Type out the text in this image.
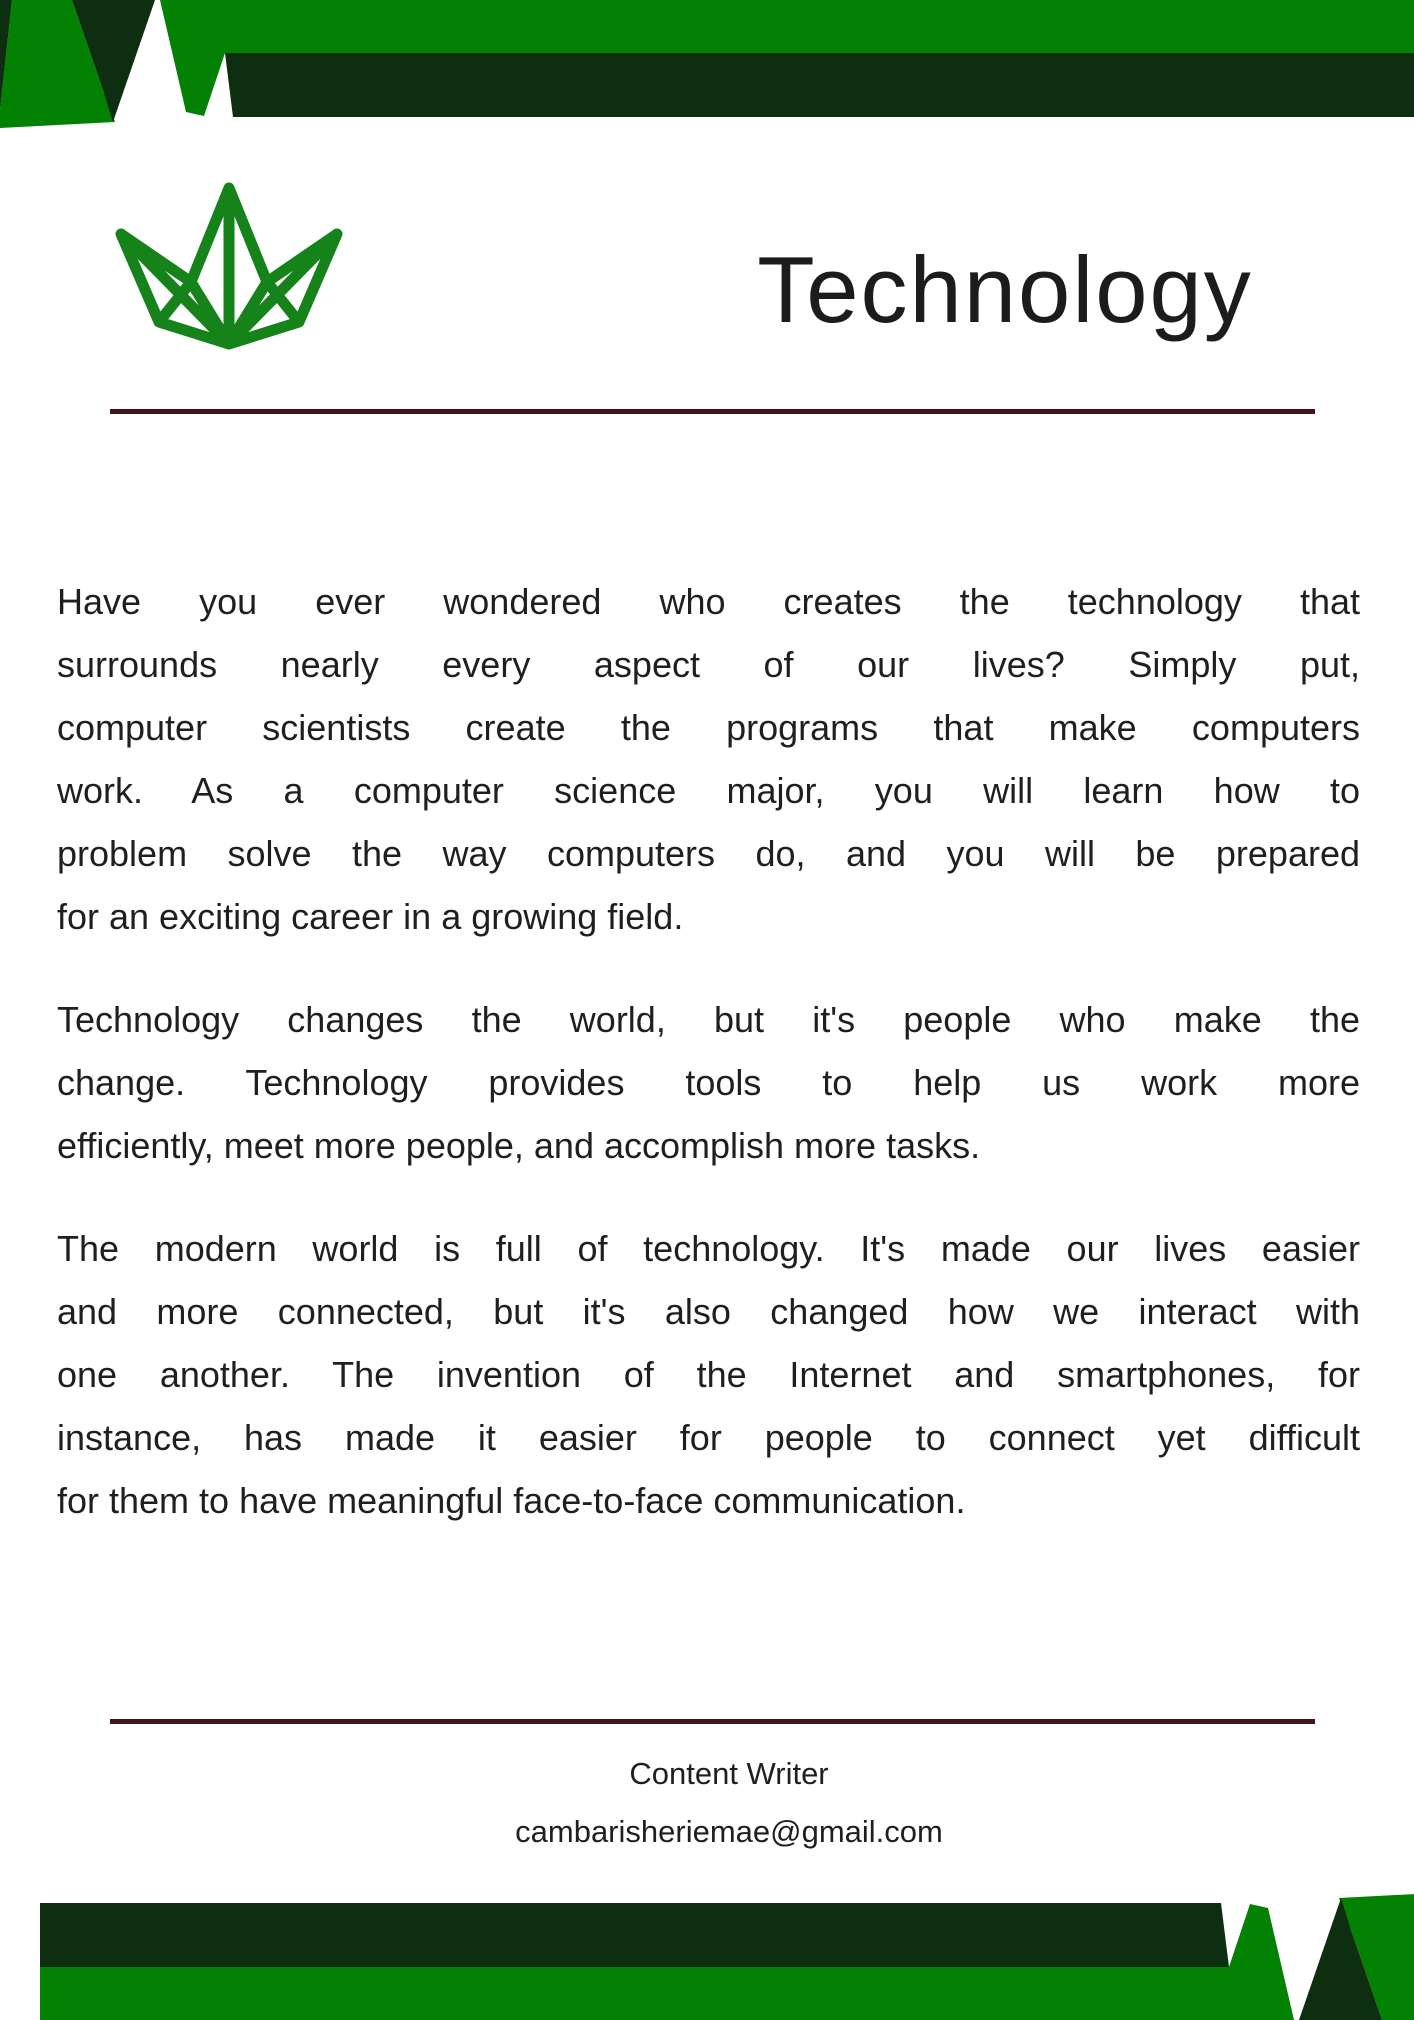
Technology

Have you ever wondered who creates the technology that
surrounds nearly every aspect of our lives? Simply put,
computer scientists create the programs that make computers
work. As a computer science major, you will learn how to
problem solve the way computers do, and you will be prepared
for an exciting career in a growing field.

Technology changes the world, but it's people who make the
change. Technology provides tools to help us work more
efficiently, meet more people, and accomplish more tasks.

The modern world is full of technology. It's made our lives easier
and more connected, but it's also changed how we interact with
one another. The invention of the Internet and smartphones, for
instance, has made it easier for people to connect yet difficult
for them to have meaningful face-to-face communication.

Content Writer
cambarisheriemae@gmail.com
